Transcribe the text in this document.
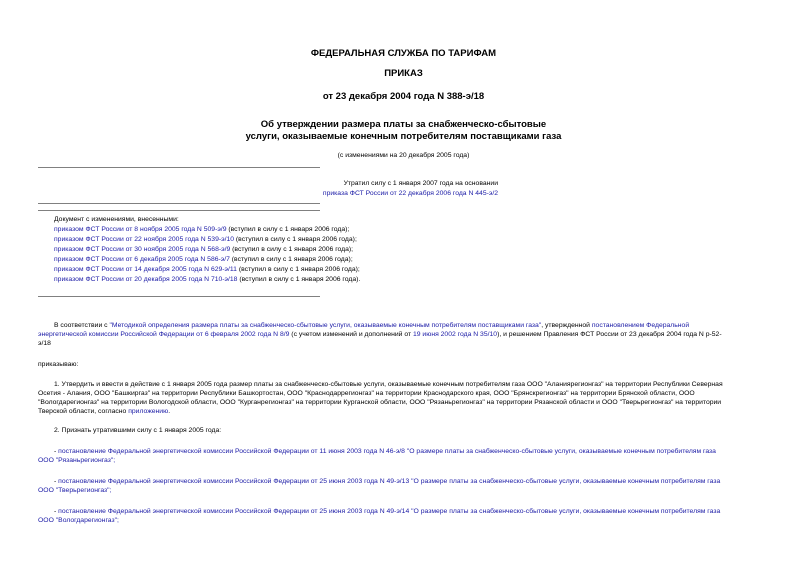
ФЕДЕРАЛЬНАЯ СЛУЖБА ПО ТАРИФАМ
ПРИКАЗ
от 23 декабря 2004 года N 388-э/18
Об утверждении размера платы за снабженческо-сбытовые
услуги, оказываемые конечным потребителям поставщиками газа
(с изменениями на 20 декабря 2005 года)
Утратил силу с 1 января 2007 года на основании
приказа ФСТ России от 22 декабря 2006 года N 445-э/2
Документ с изменениями, внесенными:
приказом ФСТ России от 8 ноября 2005 года N 509-э/9 (вступил в силу с 1 января 2006 года);
приказом ФСТ России от 22 ноября 2005 года N 539-э/10 (вступил в силу с 1 января 2006 года);
приказом ФСТ России от 30 ноября 2005 года N 568-э/9 (вступил в силу с 1 января 2006 года);
приказом ФСТ России от 6 декабря 2005 года N 586-э/7 (вступил в силу с 1 января 2006 года);
приказом ФСТ России от 14 декабря 2005 года N 629-э/11 (вступил в силу с 1 января 2006 года);
приказом ФСТ России от 20 декабря 2005 года N 710-э/18 (вступил в силу с 1 января 2006 года).
В соответствии с "Методикой определения размера платы за снабженческо-сбытовые услуги, оказываемые конечным потребителям поставщиками газа", утвержденной постановлением Федеральной
энергетической комиссии Российской Федерации от 6 февраля 2002 года N 8/9 (с учетом изменений и дополнений от 19 июня 2002 года N 35/10), и решением Правления ФСТ России от 23 декабря 2004 года N р-52-
э/18
приказываю:
1. Утвердить и ввести в действие с 1 января 2005 года размер платы за снабженческо-сбытовые услуги, оказываемые конечным потребителям газа ООО "Аланиярегионгаз" на территории Республики Северная
Осетия - Алания, ООО "Башкиргаз" на территории Республики Башкортостан, ООО "Краснодаррегионгаз" на территории Краснодарского края, ООО "Брянскрегионгаз" на территории Брянской области, ООО
"Вологдарегионгаз" на территории Вологодской области, ООО "Курганрегионгаз" на территории Курганской области, ООО "Рязаньрегионгаз" на территории Рязанской области и ООО "Тверьрегионгаз" на территории
Тверской области, согласно приложению.
2. Признать утратившими силу с 1 января 2005 года:
- постановление Федеральной энергетической комиссии Российской Федерации от 11 июня 2003 года N 46-э/8 "О размере платы за снабженческо-сбытовые услуги, оказываемые конечным потребителям газа
ООО "Рязаньрегионгаз";
- постановление Федеральной энергетической комиссии Российской Федерации от 25 июня 2003 года N 49-э/13 "О размере платы за снабженческо-сбытовые услуги, оказываемые конечным потребителям газа
ООО "Тверьрегионгаз";
- постановление Федеральной энергетической комиссии Российской Федерации от 25 июня 2003 года N 49-э/14 "О размере платы за снабженческо-сбытовые услуги, оказываемые конечным потребителям газа
ООО "Вологдарегионгаз";
